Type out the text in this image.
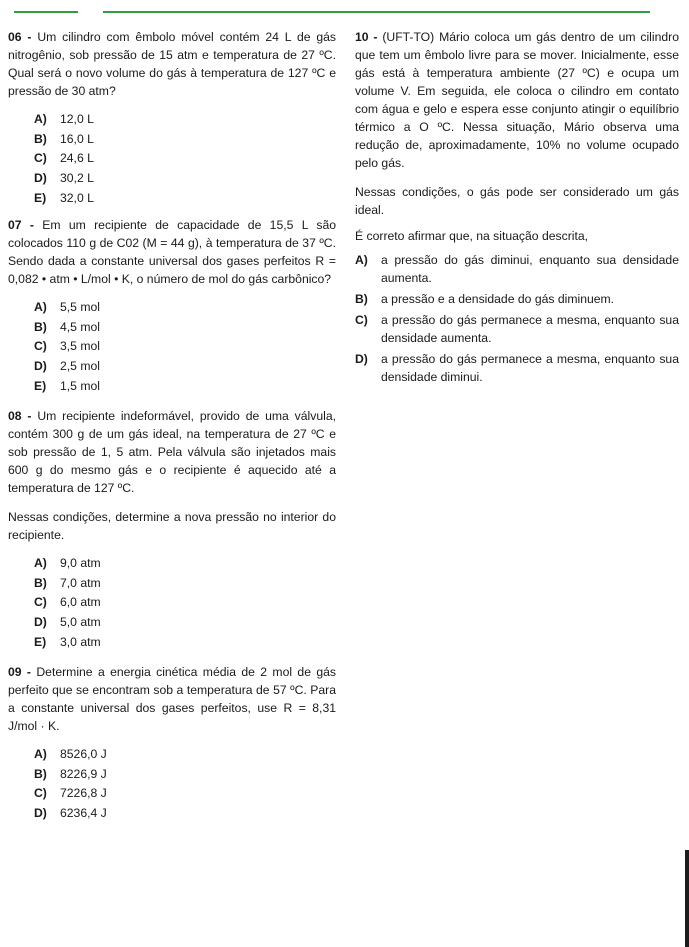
06 - Um cilindro com êmbolo móvel contém 24 L de gás nitrogênio, sob pressão de 15 atm e temperatura de 27 ºC. Qual será o novo volume do gás à temperatura de 127 ºC e pressão de 30 atm?

A)	12,0 L
B)	16,0 L
C)	24,6 L
D)	30,2 L
E)	32,0 L

07 - Em um recipiente de capacidade de 15,5 L são colocados 110 g de C02 (M = 44 g), à temperatura de 37 ºC. Sendo dada a constante universal dos gases perfeitos R = 0,082 • atm • L/mol • K, o número de mol do gás carbônico?

A)	5,5 mol
B)	4,5 mol
C)	3,5 mol
D)	2,5 mol
E)	1,5 mol

08 - Um recipiente indeformável, provido de uma válvula, contém 300 g de um gás ideal, na temperatura de 27 ºC e sob pressão de 1, 5 atm. Pela válvula são injetados mais 600 g do mesmo gás e o recipiente é aquecido até a temperatura de 127 ºC.

Nessas condições, determine a nova pressão no interior do recipiente.

A)	9,0 atm
B)	7,0 atm
C)	6,0 atm
D)	5,0 atm
E)	3,0 atm

09 - Determine a energia cinética média de 2 mol de gás perfeito que se encontram sob a temperatura de 57 ºC. Para a constante universal dos gases perfeitos, use R = 8,31 J/mol · K.

A)	8526,0 J
B)	8226,9 J
C)	7226,8 J
D)	6236,4 J

10 - (UFT-TO) Mário coloca um gás dentro de um cilindro que tem um êmbolo livre para se mover. Inicialmente, esse gás está à temperatura ambiente (27 ºC) e ocupa um volume V. Em seguida, ele coloca o cilindro em contato com água e gelo e espera esse conjunto atingir o equilíbrio térmico a O ºC. Nessa situação, Mário observa uma redução de, aproximadamente, 10% no volume ocupado pelo gás.

Nessas condições, o gás pode ser considerado um gás ideal.

É correto afirmar que, na situação descrita,

A)	a pressão do gás diminui, enquanto sua densidade aumenta.
B)	a pressão e a densidade do gás diminuem.
C)	a pressão do gás permanece a mesma, enquanto sua densidade aumenta.
D)	a pressão do gás permanece a mesma, enquanto sua densidade diminui.
